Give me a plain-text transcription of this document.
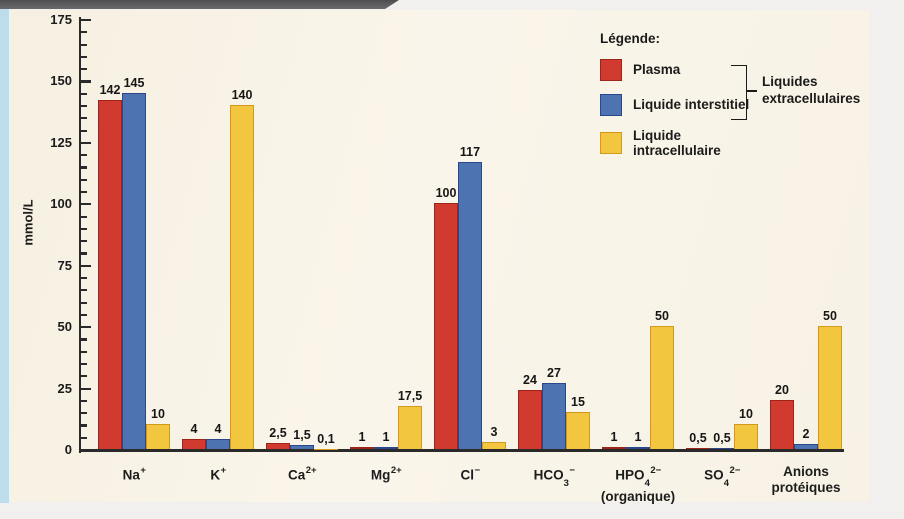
mmol/L
Légende:
Plasma
Liquide interstitiel
Liquide
intracellulaire
Liquides
extracellulaires
0
25
50
75
100
125
150
175
142
4	2,5	1
100
24
1	0,5
20
145
4	1,5	1
117
27
1	0,5	2
10
140
0,1
17,5
3
15
50
10
50
Na+	K+	$Ca^{2+}$	$Mg^{2+}$	Cl−	$HCO_3^-$	$HPO_4^{2-}$
(organique)
$SO_4^{2-}$	Anions
protéiques
